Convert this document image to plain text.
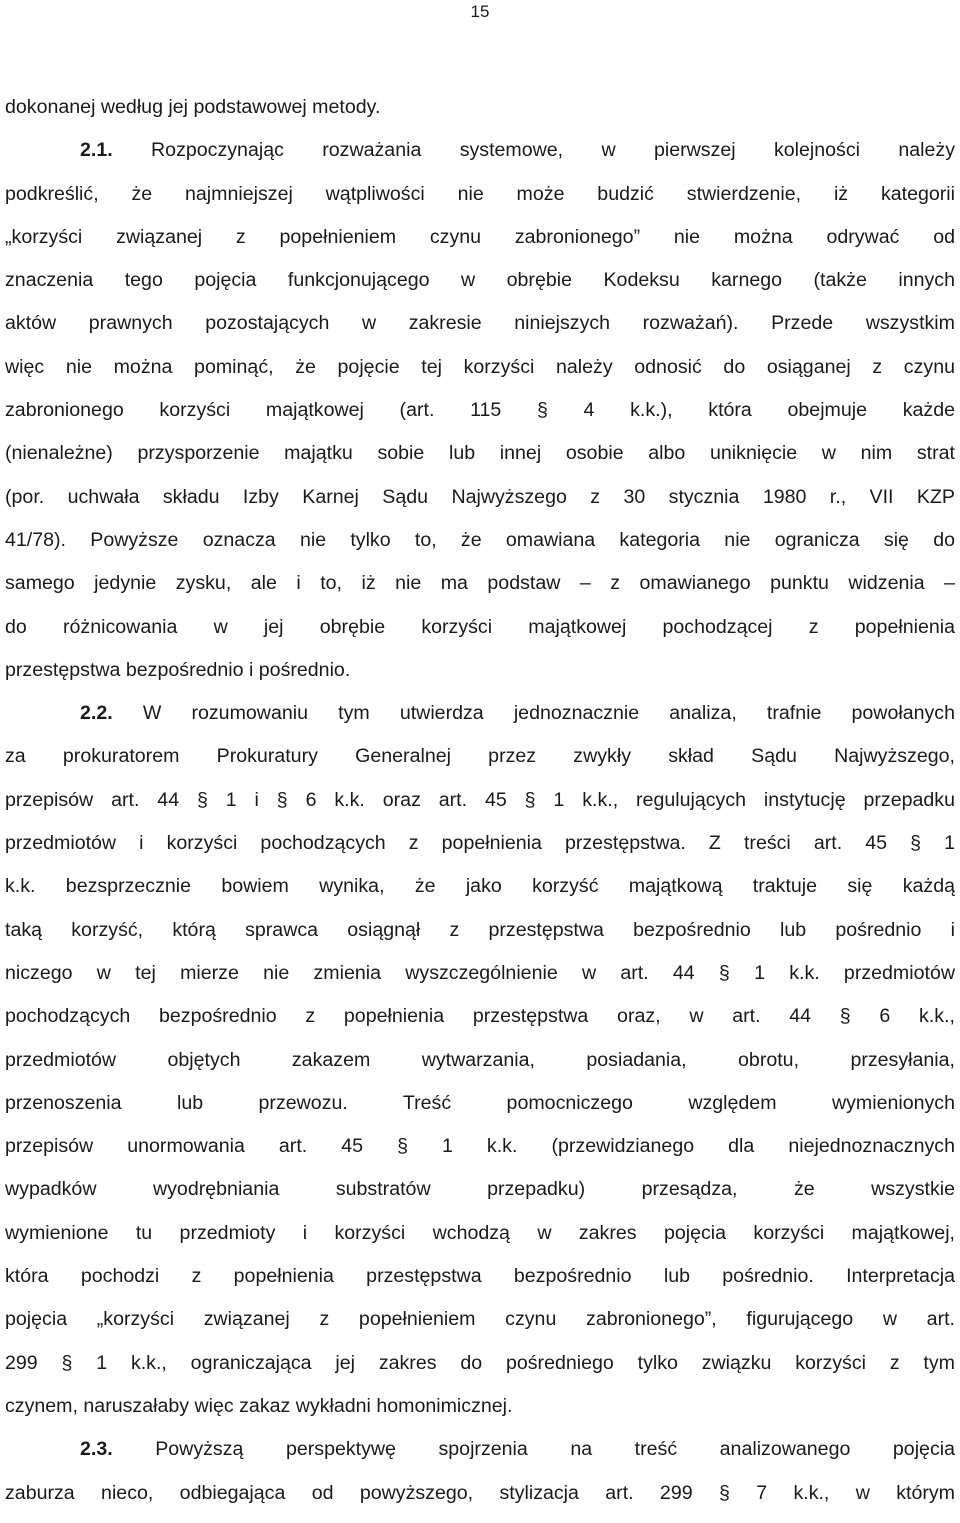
15
dokonanej według jej podstawowej metody.
2.1. Rozpoczynając rozważania systemowe, w pierwszej kolejności należy
podkreślić, że najmniejszej wątpliwości nie może budzić stwierdzenie, iż kategorii
„korzyści związanej z popełnieniem czynu zabronionego” nie można odrywać od
znaczenia tego pojęcia funkcjonującego w obrębie Kodeksu karnego (także innych
aktów prawnych pozostających w zakresie niniejszych rozważań). Przede wszystkim
więc nie można pominąć, że pojęcie tej korzyści należy odnosić do osiąganej z czynu
zabronionego korzyści majątkowej (art. 115 § 4 k.k.), która obejmuje każde
(nienależne) przysporzenie majątku sobie lub innej osobie albo uniknięcie w nim strat
(por. uchwała składu Izby Karnej Sądu Najwyższego z 30 stycznia 1980 r., VII KZP
41/78). Powyższe oznacza nie tylko to, że omawiana kategoria nie ogranicza się do
samego jedynie zysku, ale i to, iż nie ma podstaw – z omawianego punktu widzenia –
do różnicowania w jej obrębie korzyści majątkowej pochodzącej z popełnienia
przestępstwa bezpośrednio i pośrednio.
2.2. W rozumowaniu tym utwierdza jednoznacznie analiza, trafnie powołanych
za prokuratorem Prokuratury Generalnej przez zwykły skład Sądu Najwyższego,
przepisów art. 44 § 1 i § 6 k.k. oraz art. 45 § 1 k.k., regulujących instytucję przepadku
przedmiotów i korzyści pochodzących z popełnienia przestępstwa. Z treści art. 45 § 1
k.k. bezsprzecznie bowiem wynika, że jako korzyść majątkową traktuje się każdą
taką korzyść, którą sprawca osiągnął z przestępstwa bezpośrednio lub pośrednio i
niczego w tej mierze nie zmienia wyszczególnienie w art. 44 § 1 k.k. przedmiotów
pochodzących bezpośrednio z popełnienia przestępstwa oraz, w art. 44 § 6 k.k.,
przedmiotów objętych zakazem wytwarzania, posiadania, obrotu, przesyłania,
przenoszenia lub przewozu. Treść pomocniczego względem wymienionych
przepisów unormowania art. 45 § 1 k.k. (przewidzianego dla niejednoznacznych
wypadków wyodrębniania substratów przepadku) przesądza, że wszystkie
wymienione tu przedmioty i korzyści wchodzą w zakres pojęcia korzyści majątkowej,
która pochodzi z popełnienia przestępstwa bezpośrednio lub pośrednio. Interpretacja
pojęcia „korzyści związanej z popełnieniem czynu zabronionego”, figurującego w art.
299 § 1 k.k., ograniczająca jej zakres do pośredniego tylko związku korzyści z tym
czynem, naruszałaby więc zakaz wykładni homonimicznej.
2.3. Powyższą perspektywę spojrzenia na treść analizowanego pojęcia
zaburza nieco, odbiegająca od powyższego, stylizacja art. 299 § 7 k.k., w którym
